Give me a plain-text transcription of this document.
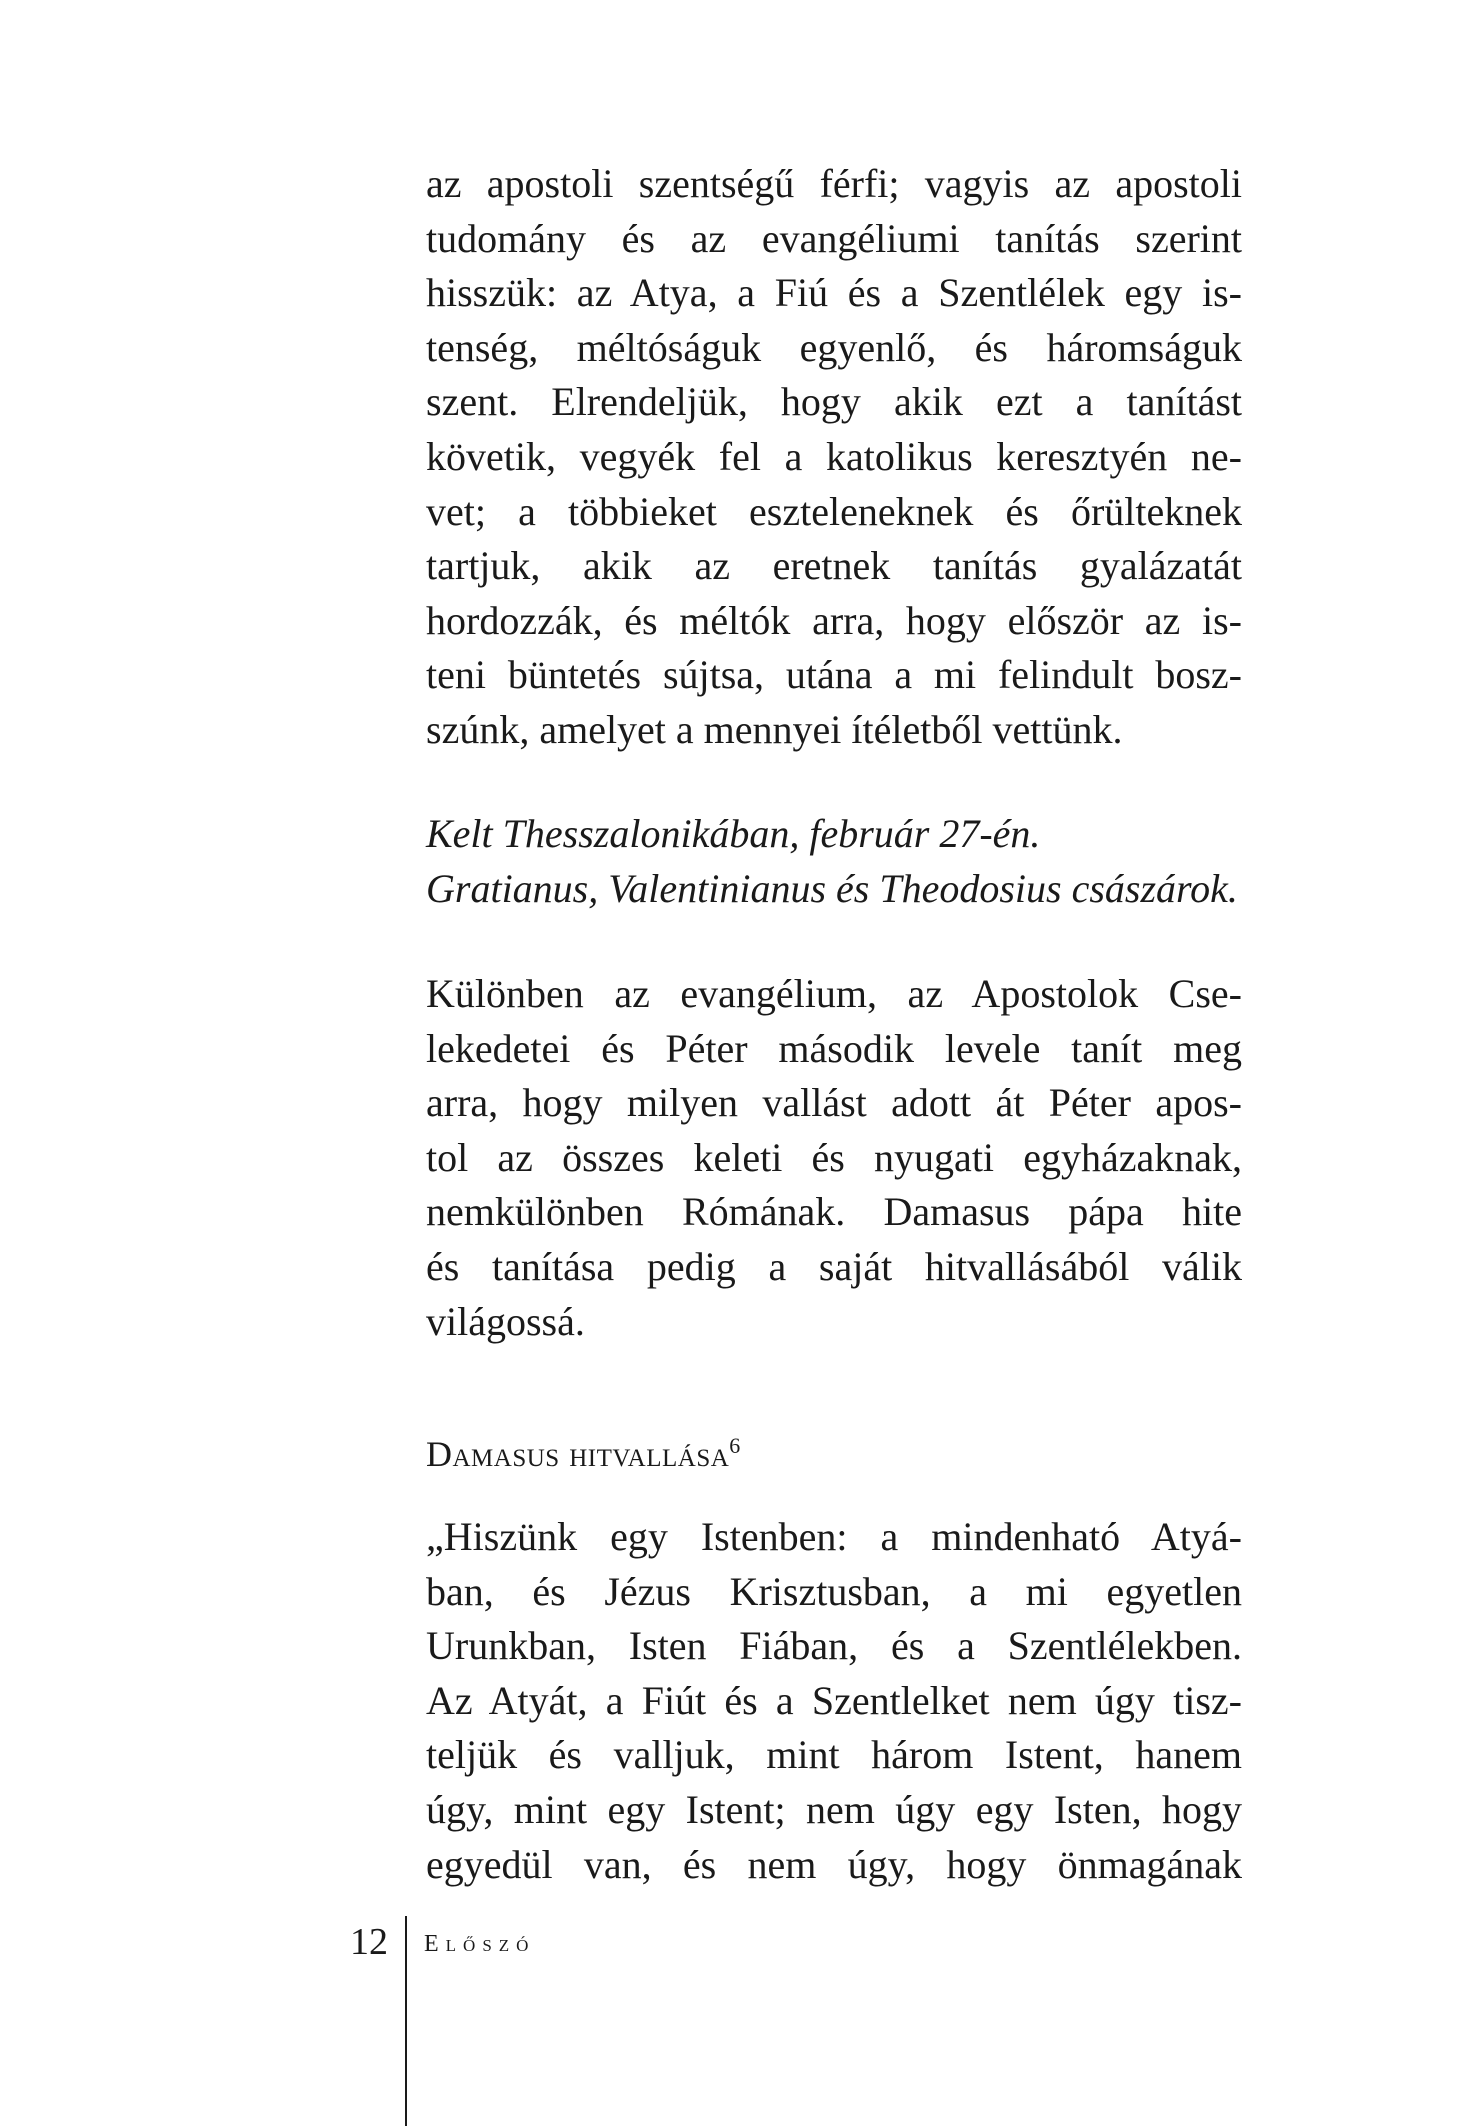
az apostoli szentségű férfi; vagyis az apostoli
tudomány és az evangéliumi tanítás szerint
hisszük: az Atya, a Fiú és a Szentlélek egy is-
tenség, méltóságuk egyenlő, és háromságuk
szent. Elrendeljük, hogy akik ezt a tanítást
követik, vegyék fel a katolikus keresztyén ne-
vet; a többieket eszteleneknek és őrülteknek
tartjuk, akik az eretnek tanítás gyalázatát
hordozzák, és méltók arra, hogy először az is-
teni büntetés sújtsa, utána a mi felindult bosz-
szúnk, amelyet a mennyei ítéletből vettünk.

Kelt Thesszalonikában, február 27-én.
Gratianus, Valentinianus és Theodosius császárok.

Különben az evangélium, az Apostolok Cse-
lekedetei és Péter második levele tanít meg
arra, hogy milyen vallást adott át Péter apos-
tol az összes keleti és nyugati egyházaknak,
nemkülönben Rómának. Damasus pápa hite
és tanítása pedig a saját hitvallásából válik
világossá.

Damasus hitvallása$^6$

„Hiszünk egy Istenben: a mindenható Atyá-
ban, és Jézus Krisztusban, a mi egyetlen
Urunkban, Isten Fiában, és a Szentlélekben.
Az Atyát, a Fiút és a Szentlelket nem úgy tisz-
teljük és valljuk, mint három Istent, hanem
úgy, mint egy Istent; nem úgy egy Isten, hogy
egyedül van, és nem úgy, hogy önmagának

12 Előszó
